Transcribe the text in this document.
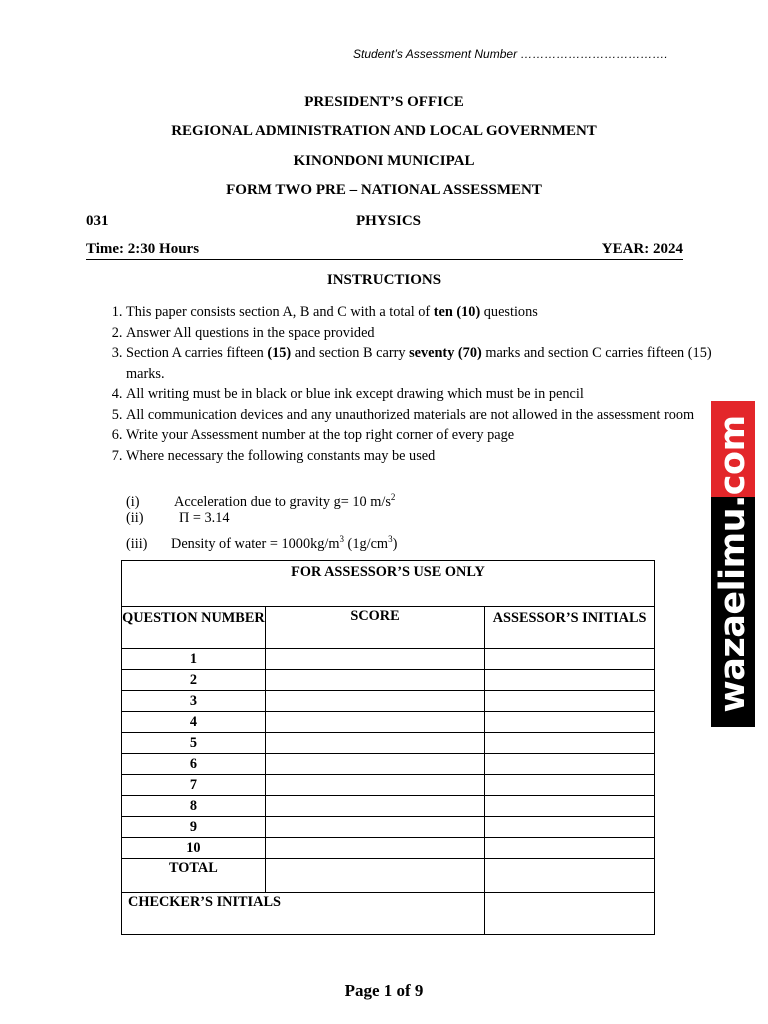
Student’s Assessment Number ……………………………….
PRESIDENT’S OFFICE
REGIONAL ADMINISTRATION AND LOCAL GOVERNMENT
KINONDONI MUNICIPAL
FORM TWO PRE – NATIONAL ASSESSMENT
031	PHYSICS
Time: 2:30 Hours	YEAR: 2024
INSTRUCTIONS
1. This paper consists section A, B and C with a total of ten (10) questions
2. Answer All questions in the space provided
3. Section A carries fifteen (15) and section B carry seventy (70) marks and section C carries fifteen (15) marks.
4. All writing must be in black or blue ink except drawing which must be in pencil
5. All communication devices and any unauthorized materials are not allowed in the assessment room
6. Write your Assessment number at the top right corner of every page
7. Where necessary the following constants may be used
(i) Acceleration due to gravity g= 10 $m/s^2$
(ii) Π = 3.14
(iii) Density of water = $1000kg/m^3$ $(1g/cm^3)$
FOR ASSESSOR’S USE ONLY		
QUESTION NUMBER	SCORE	ASSESSOR’S INITIALS
1		
2		
3		
4		
5		
6		
7		
8		
9		
10		
TOTAL		
CHECKER’S INITIALS		
wazaelimu.com
Page 1 of 9
